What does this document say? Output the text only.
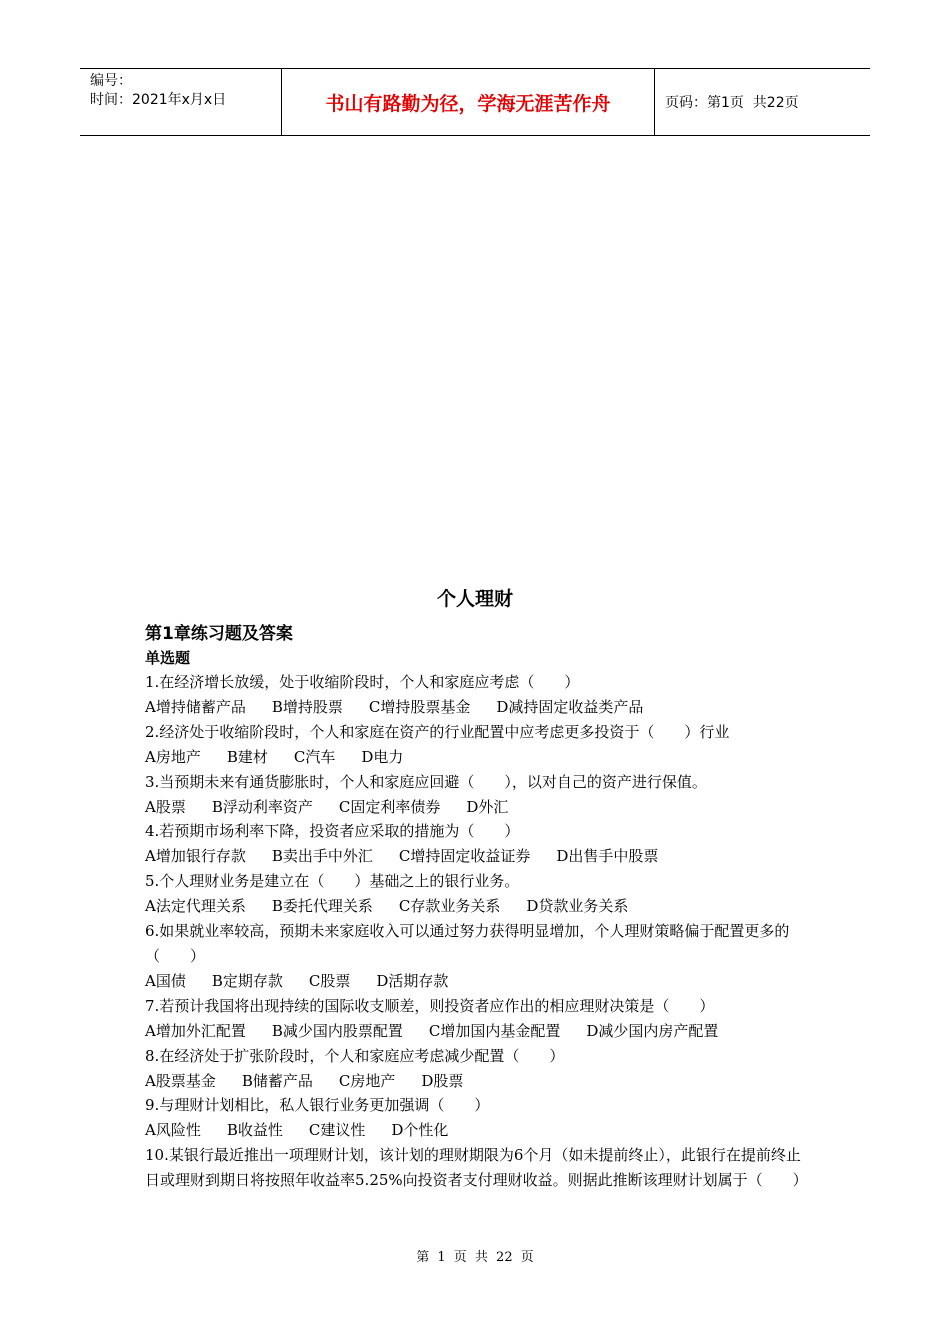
编号：
时间：2021年x月x日	书山有路勤为径，学海无涯苦作舟	页码：第1页  共22页
个人理财
第1章练习题及答案
单选题

1.在经济增长放缓，处于收缩阶段时，个人和家庭应考虑（　　）

A增持储蓄产品 B增持股票 C增持股票基金 D减持固定收益类产品

2.经济处于收缩阶段时，个人和家庭在资产的行业配置中应考虑更多投资于（　　）行业

A房地产 B建材 C汽车 D电力

3.当预期未来有通货膨胀时，个人和家庭应回避（　　），以对自己的资产进行保值。

A股票 B浮动利率资产 C固定利率债券 D外汇

4.若预期市场利率下降，投资者应采取的措施为（　　）

A增加银行存款 B卖出手中外汇 C增持固定收益证券 D出售手中股票

5.个人理财业务是建立在（　　）基础之上的银行业务。

A法定代理关系 B委托代理关系 C存款业务关系 D贷款业务关系

6.如果就业率较高，预期未来家庭收入可以通过努力获得明显增加，个人理财策略偏于配置更多的（　　）

A国债 B定期存款 C股票 D活期存款

7.若预计我国将出现持续的国际收支顺差，则投资者应作出的相应理财决策是（　　）

A增加外汇配置 B减少国内股票配置 C增加国内基金配置 D减少国内房产配置

8.在经济处于扩张阶段时，个人和家庭应考虑减少配置（　　）

A股票基金 B储蓄产品 C房地产 D股票

9.与理财计划相比，私人银行业务更加强调（　　）

A风险性 B收益性 C建议性 D个性化

10.某银行最近推出一项理财计划，该计划的理财期限为6个月（如未提前终止），此银行在提前终止日或理财到期日将按照年收益率5.25%向投资者支付理财收益。则据此推断该理财计划属于（　　）

第 1 页 共 22 页
